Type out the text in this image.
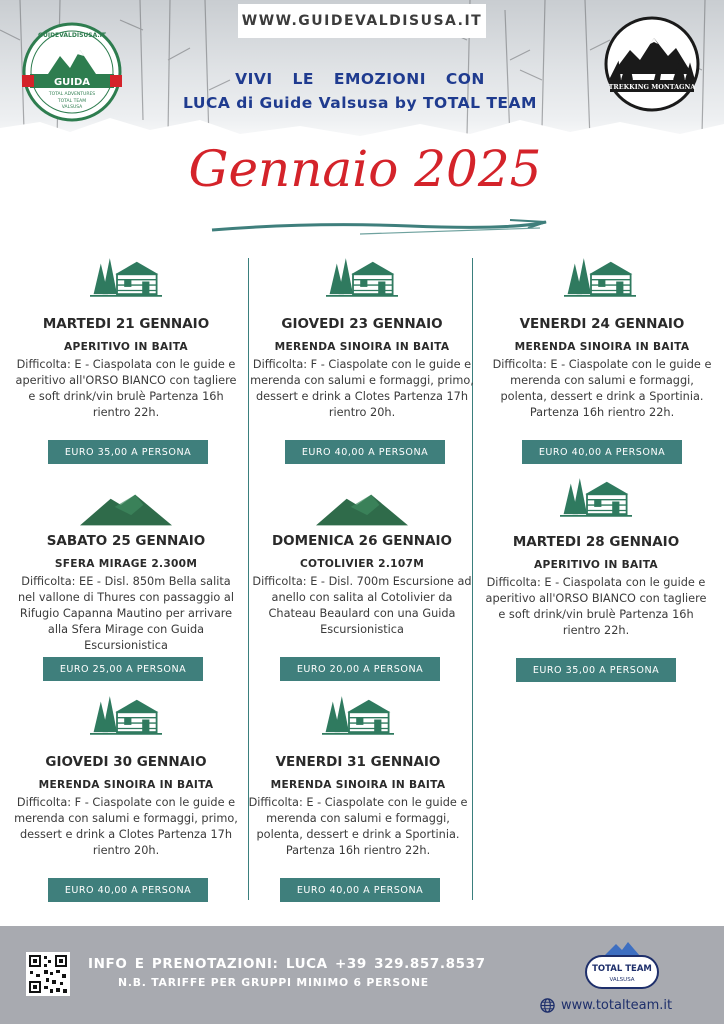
WWW.GUIDEVALDISUSA.IT
VIVI LE EMOZIONI CON
LUCA di Guide Valsusa by TOTAL TEAM
GUIDEVALDISUSA.IT
GUIDA
TOTAL ADVENTURES
TOTAL TEAM
VALSUSA
TREKKING MONTAGNA
Gennaio 2025
MARTEDI 21 GENNAIO
APERITIVO IN BAITA
Difficolta: E - Ciaspolata con le guide e aperitivo all'ORSO BIANCO con tagliere e soft drink/vin brulè Partenza 16h rientro 22h.
EURO 35,00 A PERSONA
GIOVEDI 23 GENNAIO
MERENDA SINOIRA IN BAITA
Difficolta: F - Ciaspolate con le guide e merenda con salumi e formaggi, primo, dessert e drink a Clotes Partenza 17h rientro 20h.
EURO 40,00 A PERSONA
VENERDI 24 GENNAIO
MERENDA SINOIRA IN BAITA
Difficolta: E - Ciaspolate con le guide e merenda con salumi e formaggi, polenta, dessert e drink a Sportinia. Partenza 16h rientro 22h.
EURO 40,00 A PERSONA
SABATO 25 GENNAIO
SFERA MIRAGE 2.300M
Difficolta: EE - Disl. 850m Bella salita nel vallone di Thures con passaggio al Rifugio Capanna Mautino per arrivare alla Sfera Mirage con Guida Escursionistica
EURO 25,00 A PERSONA
DOMENICA 26 GENNAIO
COTOLIVIER 2.107M
Difficolta: E - Disl. 700m Escursione ad anello con salita al Cotolivier da Chateau Beaulard con una Guida Escursionistica
EURO 20,00 A PERSONA
MARTEDI 28 GENNAIO
APERITIVO IN BAITA
Difficolta: E - Ciaspolata con le guide e aperitivo all'ORSO BIANCO con tagliere e soft drink/vin brulè Partenza 16h rientro 22h.
EURO 35,00 A PERSONA
GIOVEDI 30 GENNAIO
MERENDA SINOIRA IN BAITA
Difficolta: F - Ciaspolate con le guide e merenda con salumi e formaggi, primo, dessert e drink a Clotes Partenza 17h rientro 20h.
EURO 40,00 A PERSONA
VENERDI 31 GENNAIO
MERENDA SINOIRA IN BAITA
Difficolta: E - Ciaspolate con le guide e merenda con salumi e formaggi, polenta, dessert e drink a Sportinia. Partenza 16h rientro 22h.
EURO 40,00 A PERSONA
INFO E PRENOTAZIONI: LUCA +39 329.857.8537
N.B. TARIFFE PER GRUPPI MINIMO 6 PERSONE
TOTAL TEAM
VALSUSA
www.totalteam.it
